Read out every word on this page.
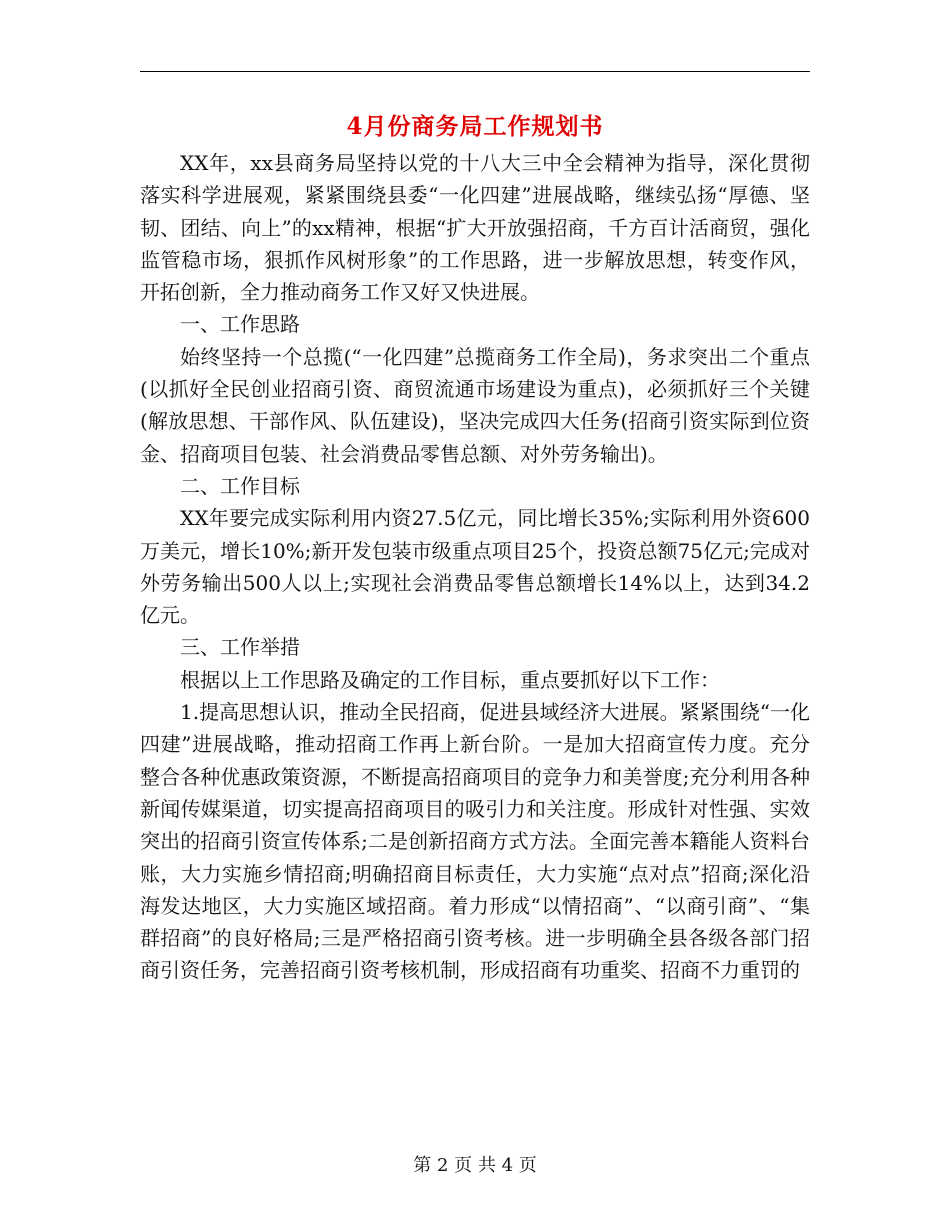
4月份商务局工作规划书

XX年，xx县商务局坚持以党的十八大三中全会精神为指导，深化贯彻落实科学进展观，紧紧围绕县委“一化四建”进展战略，继续弘扬“厚德、坚韧、团结、向上”的xx精神，根据“扩大开放强招商，千方百计活商贸，强化监管稳市场，狠抓作风树形象”的工作思路，进一步解放思想，转变作风，开拓创新，全力推动商务工作又好又快进展。

一、工作思路

始终坚持一个总揽(“一化四建”总揽商务工作全局)，务求突出二个重点(以抓好全民创业招商引资、商贸流通市场建设为重点)，必须抓好三个关键(解放思想、干部作风、队伍建设)，坚决完成四大任务(招商引资实际到位资金、招商项目包装、社会消费品零售总额、对外劳务输出)。

二、工作目标

XX年要完成实际利用内资27.5亿元，同比增长35%;实际利用外资600万美元，增长10%;新开发包装市级重点项目25个，投资总额75亿元;完成对外劳务输出500人以上;实现社会消费品零售总额增长14%以上，达到34.2亿元。

三、工作举措

根据以上工作思路及确定的工作目标，重点要抓好以下工作：

1.提高思想认识，推动全民招商，促进县域经济大进展。紧紧围绕“一化四建”进展战略，推动招商工作再上新台阶。一是加大招商宣传力度。充分整合各种优惠政策资源，不断提高招商项目的竞争力和美誉度;充分利用各种新闻传媒渠道，切实提高招商项目的吸引力和关注度。形成针对性强、实效突出的招商引资宣传体系;二是创新招商方式方法。全面完善本籍能人资料台账，大力实施乡情招商;明确招商目标责任，大力实施“点对点”招商;深化沿海发达地区，大力实施区域招商。着力形成“以情招商”、“以商引商”、“集群招商”的良好格局;三是严格招商引资考核。进一步明确全县各级各部门招商引资任务，完善招商引资考核机制，形成招商有功重奖、招商不力重罚的

第 2 页 共 4 页
